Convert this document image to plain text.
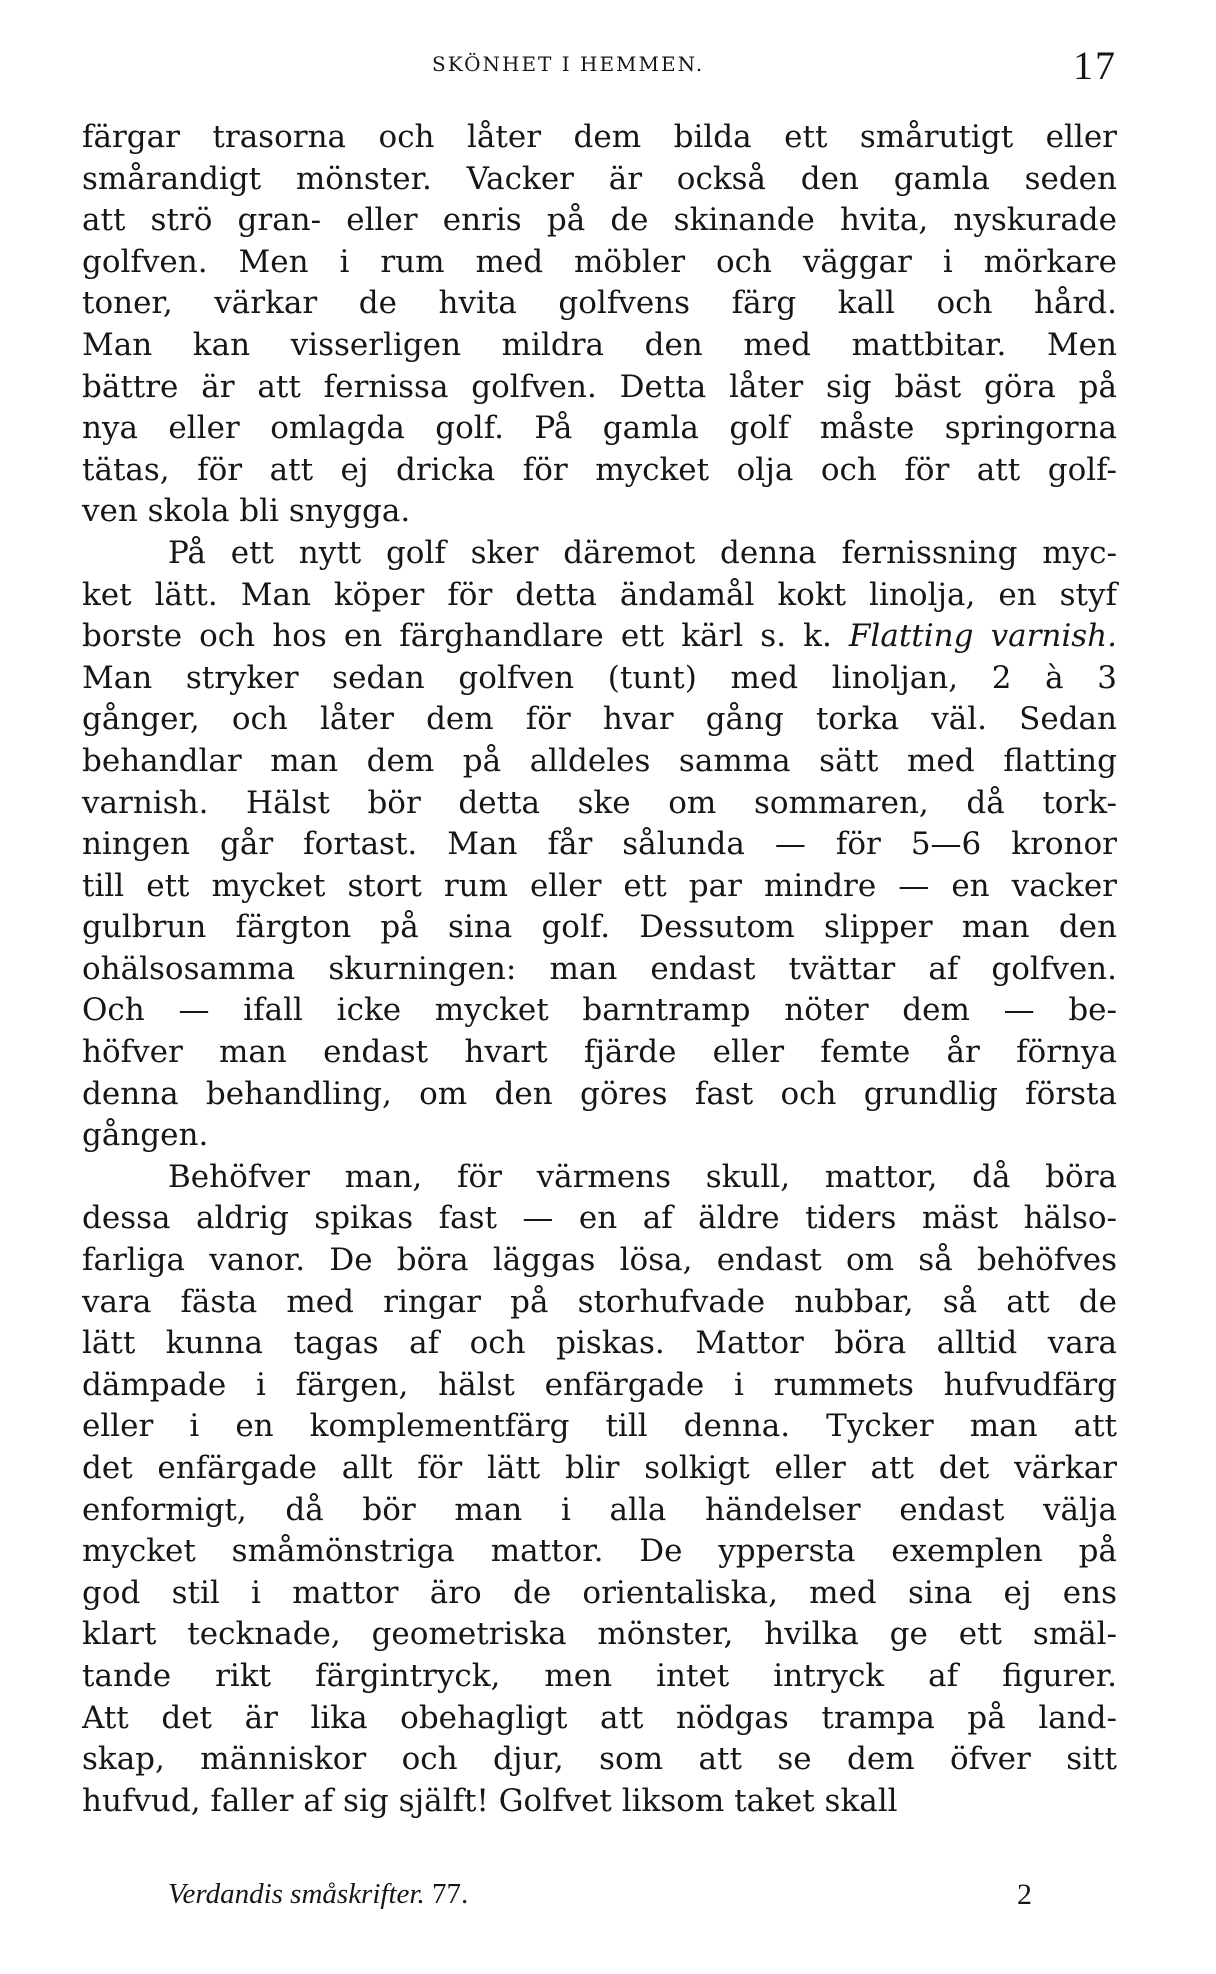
SKÖNHET I HEMMEN.	17
färgar trasorna och låter dem bilda ett smårutigt eller
smårandigt mönster. Vacker är också den gamla seden
att strö gran- eller enris på de skinande hvita, nyskurade
golfven. Men i rum med möbler och väggar i mörkare
toner, värkar de hvita golfvens färg kall och hård.
Man kan visserligen mildra den med mattbitar. Men
bättre är att fernissa golfven. Detta låter sig bäst göra på
nya eller omlagda golf. På gamla golf måste springorna
tätas, för att ej dricka för mycket olja och för att golf-
ven skola bli snygga.
På ett nytt golf sker däremot denna fernissning myc-
ket lätt. Man köper för detta ändamål kokt linolja, en styf
borste och hos en färghandlare ett kärl s. k. Flatting varnish.
Man stryker sedan golfven (tunt) med linoljan, 2 à 3
gånger, och låter dem för hvar gång torka väl. Sedan
behandlar man dem på alldeles samma sätt med flatting
varnish. Hälst bör detta ske om sommaren, då tork-
ningen går fortast. Man får sålunda — för 5—6 kronor
till ett mycket stort rum eller ett par mindre — en vacker
gulbrun färgton på sina golf. Dessutom slipper man den
ohälsosamma skurningen: man endast tvättar af golfven.
Och — ifall icke mycket barntramp nöter dem — be-
höfver man endast hvart fjärde eller femte år förnya
denna behandling, om den göres fast och grundlig första
gången.
Behöfver man, för värmens skull, mattor, då böra
dessa aldrig spikas fast — en af äldre tiders mäst hälso-
farliga vanor. De böra läggas lösa, endast om så behöfves
vara fästa med ringar på storhufvade nubbar, så att de
lätt kunna tagas af och piskas. Mattor böra alltid vara
dämpade i färgen, hälst enfärgade i rummets hufvudfärg
eller i en komplementfärg till denna. Tycker man att
det enfärgade allt för lätt blir solkigt eller att det värkar
enformigt, då bör man i alla händelser endast välja
mycket småmönstriga mattor. De yppersta exemplen på
god stil i mattor äro de orientaliska, med sina ej ens
klart tecknade, geometriska mönster, hvilka ge ett smäl-
tande rikt färgintryck, men intet intryck af figurer.
Att det är lika obehagligt att nödgas trampa på land-
skap, människor och djur, som att se dem öfver sitt
hufvud, faller af sig själft! Golfvet liksom taket skall
Verdandis småskrifter. 77.	2
